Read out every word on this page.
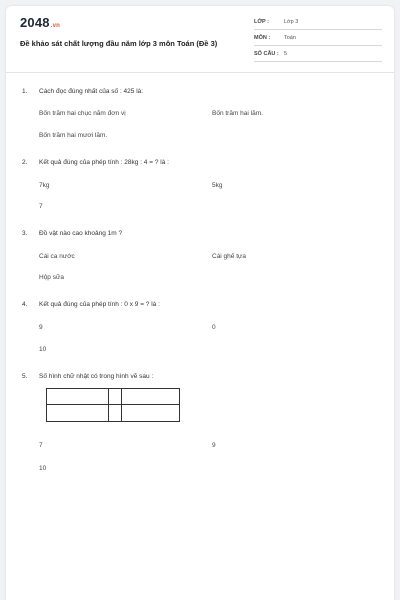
2048.vn
Đề khảo sát chất lượng đầu năm lớp 3 môn Toán (Đề 3)
LỚP :	Lớp 3
MÔN :	Toán
SỐ CÂU : 5
1. Cách đọc đúng nhất của số : 425 là:
Bốn trăm hai chục năm đơn vị	Bốn trăm hai lăm.
Bốn trăm hai mươi lăm.
2. Kết quả đúng của phép tính : 28kg : 4 = ? là :
7kg	5kg
7
3. Đồ vật nào cao khoảng 1m ?
Cái ca nước	Cái ghế tựa
Hộp sữa
4. Kết quả đúng của phép tính : 0 x 9 = ? là :
9	0
10
5. Số hình chữ nhật có trong hình vẽ sau :
7	9
10
